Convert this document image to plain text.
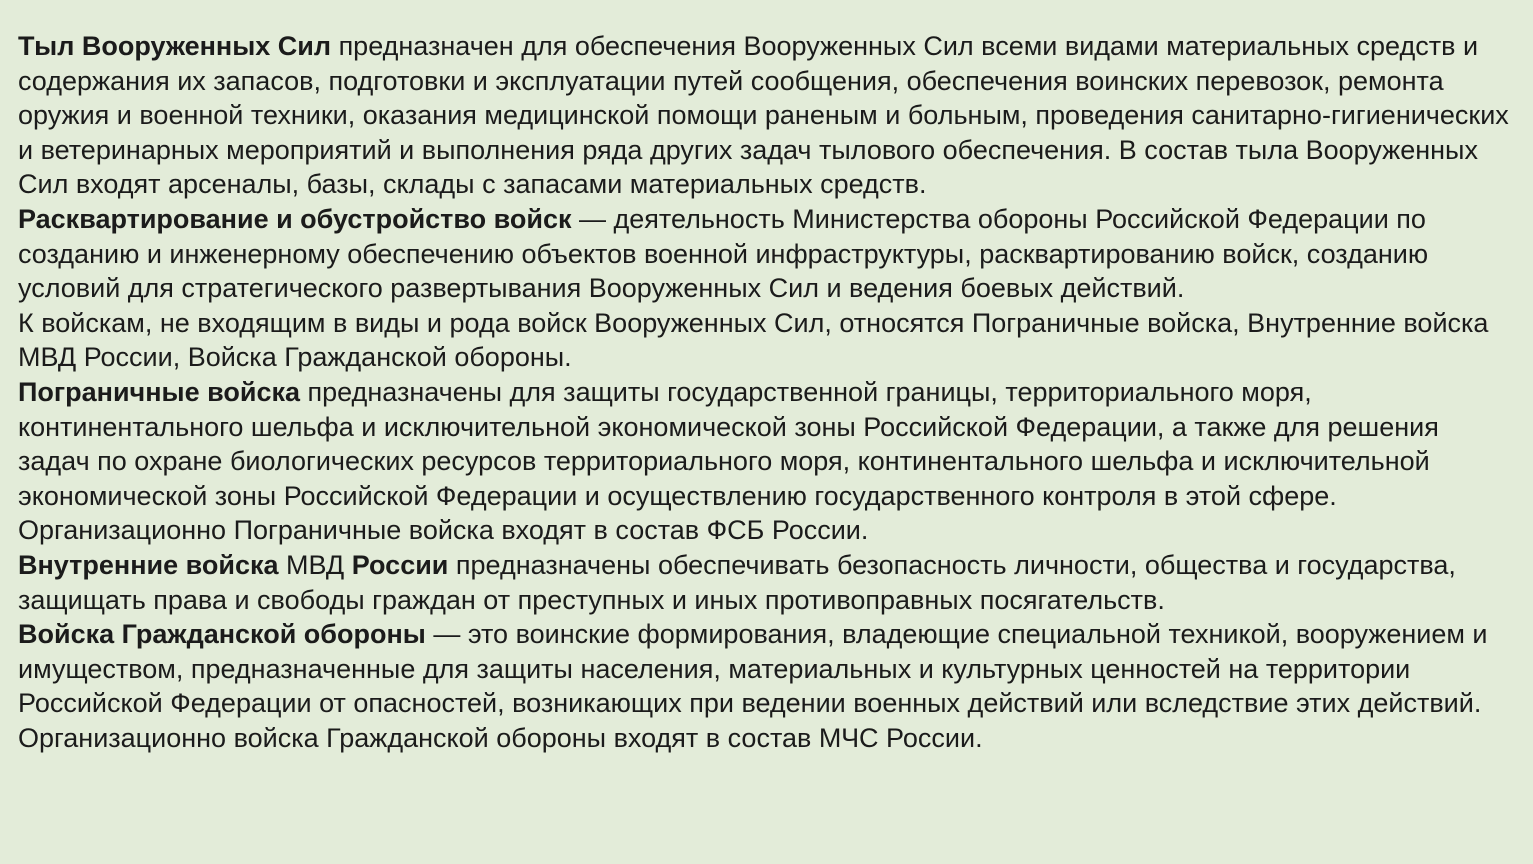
Тыл Вооруженных Сил предназначен для обеспечения Вооруженных Сил всеми видами материальных средств и содержания их запасов, подготовки и эксплуатации путей сообщения, обеспечения воинских перевозок, ремонта оружия и военной техники, оказания медицинской помощи раненым и больным, проведения санитарно-гигиенических и ветеринарных мероприятий и выполнения ряда других задач тылового обеспечения. В состав тыла Вооруженных Сил входят арсеналы, базы, склады с запасами материальных средств.

Расквартирование и обустройство войск — деятельность Министерства обороны Российской Федерации по созданию и инженерному обеспечению объектов военной инфраструктуры, расквартированию войск, созданию условий для стратегического развертывания Вооруженных Сил и ведения боевых действий.

К войскам, не входящим в виды и рода войск Вооруженных Сил, относятся Пограничные войска, Внутренние войска МВД России, Войска Гражданской обороны.

Пограничные войска предназначены для защиты государственной границы, территориального моря, континентального шельфа и исключительной экономической зоны Российской Федерации, а также для решения задач по охране биологических ресурсов территориального моря, континентального шельфа и исключительной экономической зоны Российской Федерации и осуществлению государственного контроля в этой сфере. Организационно Пограничные войска входят в состав ФСБ России.

Внутренние войска МВД России предназначены обеспечивать безопасность личности, общества и государства, защищать права и свободы граждан от преступных и иных противоправных посягательств.

Войска Гражданской обороны — это воинские формирования, владеющие специальной техникой, вооружением и имуществом, предназначенные для защиты населения, материальных и культурных ценностей на территории Российской Федерации от опасностей, возникающих при ведении военных действий или вследствие этих действий. Организационно войска Гражданской обороны входят в состав МЧС России.
